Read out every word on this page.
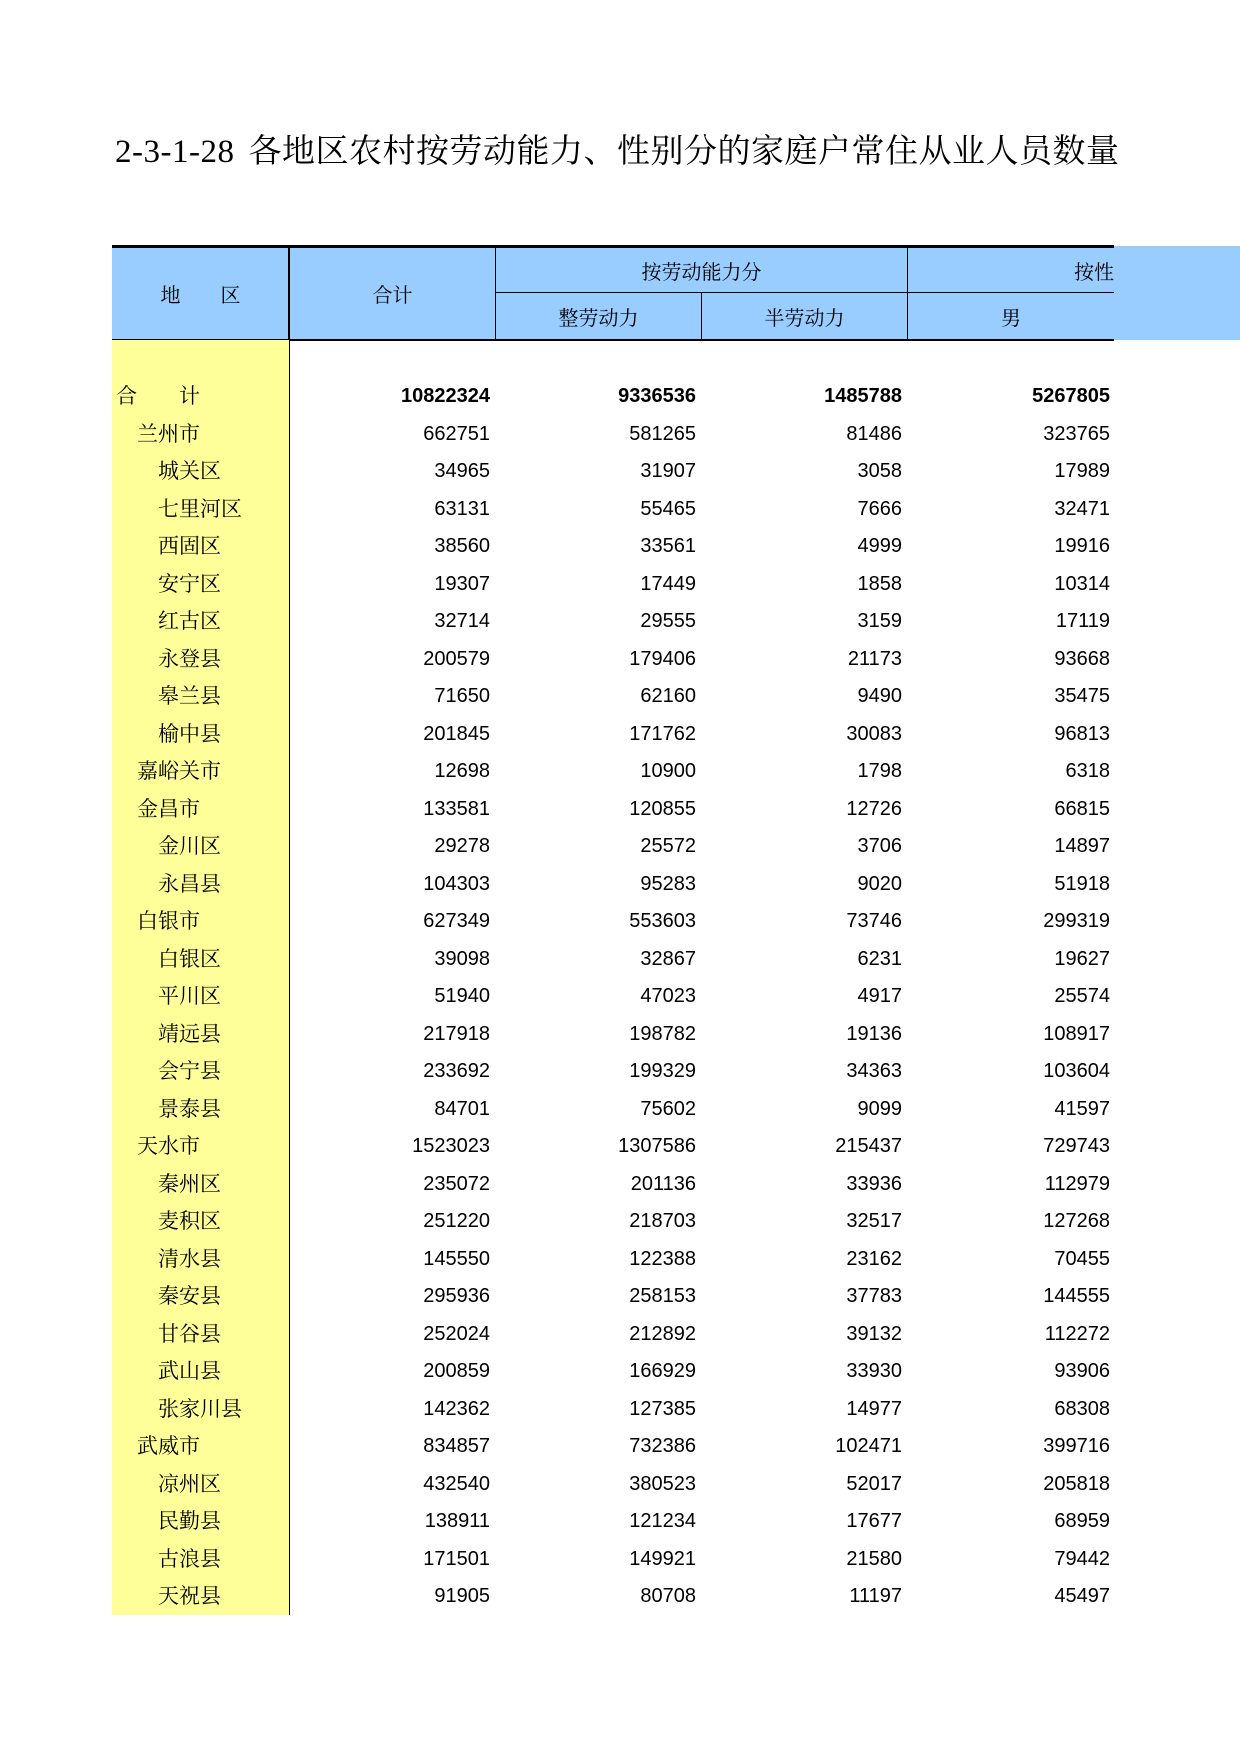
2-3-1-28 各地区农村按劳动能力、性别分的家庭户常住从业人员数量
地　　区	合计
按劳动能力分
整劳动力	半劳动力
按性
男
合　　计	10822324	9336536	1485788	5267805
兰州市	662751	581265	81486	323765
城关区	34965	31907	3058	17989
七里河区	63131	55465	7666	32471
西固区	38560	33561	4999	19916
安宁区	19307	17449	1858	10314
红古区	32714	29555	3159	17119
永登县	200579	179406	21173	93668
皋兰县	71650	62160	9490	35475
榆中县	201845	171762	30083	96813
嘉峪关市	12698	10900	1798	6318
金昌市	133581	120855	12726	66815
金川区	29278	25572	3706	14897
永昌县	104303	95283	9020	51918
白银市	627349	553603	73746	299319
白银区	39098	32867	6231	19627
平川区	51940	47023	4917	25574
靖远县	217918	198782	19136	108917
会宁县	233692	199329	34363	103604
景泰县	84701	75602	9099	41597
天水市	1523023	1307586	215437	729743
秦州区	235072	201136	33936	112979
麦积区	251220	218703	32517	127268
清水县	145550	122388	23162	70455
秦安县	295936	258153	37783	144555
甘谷县	252024	212892	39132	112272
武山县	200859	166929	33930	93906
张家川县	142362	127385	14977	68308
武威市	834857	732386	102471	399716
凉州区	432540	380523	52017	205818
民勤县	138911	121234	17677	68959
古浪县	171501	149921	21580	79442
天祝县	91905	80708	11197	45497
